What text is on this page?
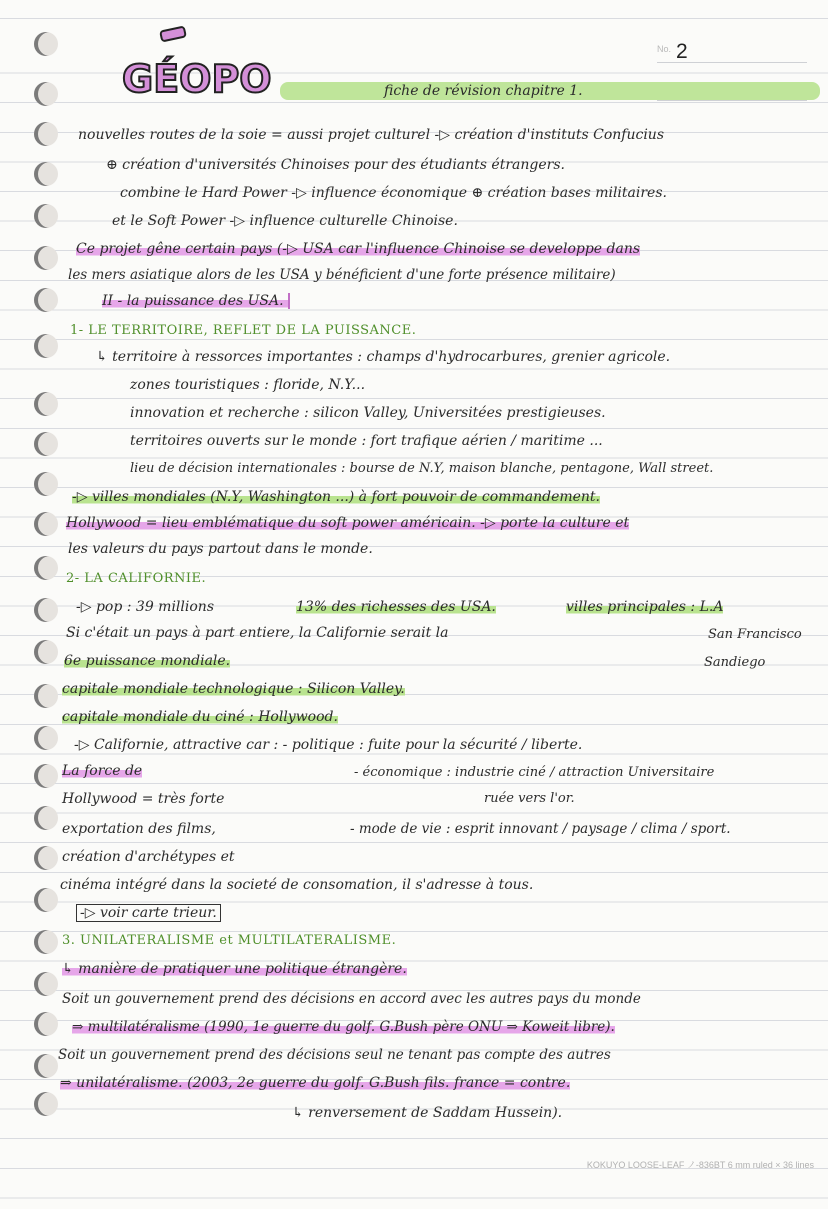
No. 2
GÉOPO	fiche de révision chapitre 1.
nouvelles routes de la soie = aussi projet culturel -▷ création d'instituts Confucius
⊕ création d'universités Chinoises pour des étudiants étrangers.
combine le Hard Power -▷ influence économique ⊕ création bases militaires.
et le Soft Power -▷ influence culturelle Chinoise.
Ce projet gêne certain pays (-▷ USA car l'influence Chinoise se developpe dans
les mers asiatique alors de les USA y bénéficient d'une forte présence militaire)
II - la puissance des USA.
1- LE TERRITOIRE, REFLET DE LA PUISSANCE.
↳ territoire à ressorces importantes : champs d'hydrocarbures, grenier agricole.
zones touristiques : floride, N.Y...
innovation et recherche : silicon Valley, Universitées prestigieuses.
territoires ouverts sur le monde : fort trafique aérien / maritime ...
lieu de décision internationales : bourse de N.Y, maison blanche, pentagone, Wall street.
-▷ villes mondiales (N.Y, Washington ...) à fort pouvoir de commandement.
Hollywood = lieu emblématique du soft power américain. -▷ porte la culture et
les valeurs du pays partout dans le monde.
2- LA CALIFORNIE.
-▷ pop : 39 millions	13% des richesses des USA.	villes principales : L.A
Si c'était un pays à part entiere, la Californie serait la	San Francisco
6e puissance mondiale.	Sandiego
capitale mondiale technologique : Silicon Valley.
capitale mondiale du ciné : Hollywood.
-▷ Californie, attractive car : - politique : fuite pour la sécurité / liberte.
La force de	- économique : industrie ciné / attraction Universitaire
Hollywood = très forte	ruée vers l'or.
exportation des films,	- mode de vie : esprit innovant / paysage / clima / sport.
création d'archétypes et
cinéma intégré dans la societé de consomation, il s'adresse à tous.
-▷ voir carte trieur.
3. UNILATERALISME et MULTILATERALISME.
↳ manière de pratiquer une politique étrangère.
Soit un gouvernement prend des décisions en accord avec les autres pays du monde
⇒ multilatéralisme (1990, 1e guerre du golf. G.Bush père ONU ⇒ Koweit libre).
Soit un gouvernement prend des décisions seul ne tenant pas compte des autres
⇒ unilatéralisme. (2003, 2e guerre du golf. G.Bush fils. france = contre.
↳ renversement de Saddam Hussein).
KOKUYO LOOSE-LEAF ノ-836BT 6 mm ruled × 36 lines
